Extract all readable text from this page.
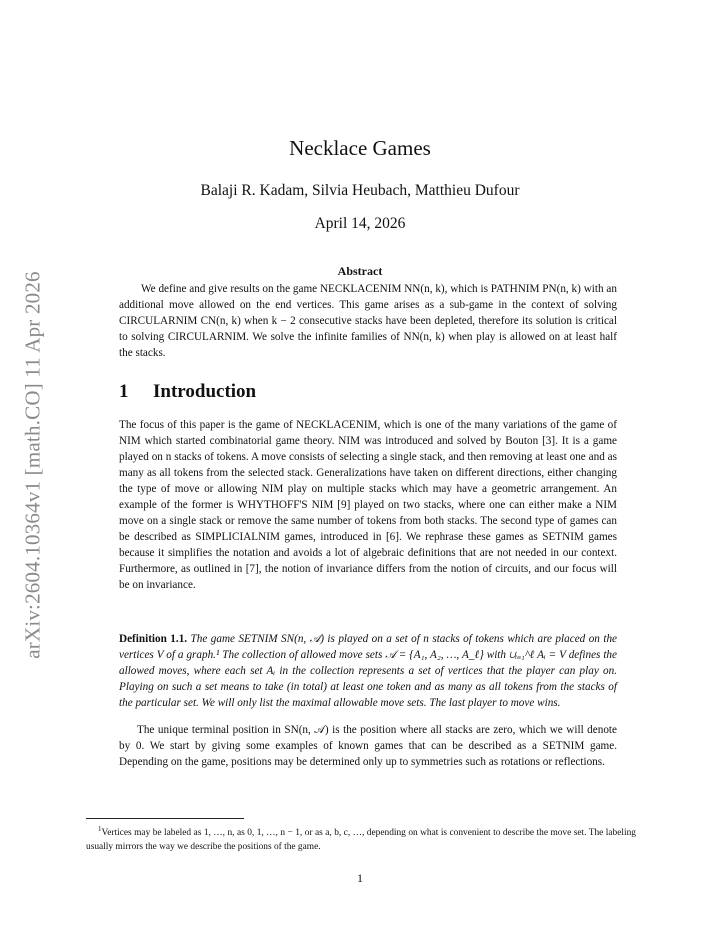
arXiv:2604.10364v1 [math.CO] 11 Apr 2026
Necklace Games
Balaji R. Kadam, Silvia Heubach, Matthieu Dufour
April 14, 2026
Abstract
We define and give results on the game NECKLACENIM NN(n, k), which is PATHNIM PN(n, k) with an additional move allowed on the end vertices. This game arises as a sub-game in the context of solving CIRCULARNIM CN(n, k) when k − 2 consecutive stacks have been depleted, therefore its solution is critical to solving CIRCULARNIM. We solve the infinite families of NN(n, k) when play is allowed on at least half the stacks.
1 Introduction
The focus of this paper is the game of NECKLACENIM, which is one of the many variations of the game of NIM which started combinatorial game theory. NIM was introduced and solved by Bouton [3]. It is a game played on n stacks of tokens. A move consists of selecting a single stack, and then removing at least one and as many as all tokens from the selected stack. Generalizations have taken on different directions, either changing the type of move or allowing NIM play on multiple stacks which may have a geometric arrangement. An example of the former is WHYTHOFF'S NIM [9] played on two stacks, where one can either make a NIM move on a single stack or remove the same number of tokens from both stacks. The second type of games can be described as SIMPLICIALNIM games, introduced in [6]. We rephrase these games as SETNIM games because it simplifies the notation and avoids a lot of algebraic definitions that are not needed in our context. Furthermore, as outlined in [7], the notion of invariance differs from the notion of circuits, and our focus will be on invariance.
Definition 1.1. The game SETNIM SN(n, 𝒜) is played on a set of n stacks of tokens which are placed on the vertices V of a graph.¹ The collection of allowed move sets 𝒜 = {A₁, A₂, …, A_ℓ} with ∪ᵢ₌₁^ℓ Aᵢ = V defines the allowed moves, where each set Aᵢ in the collection represents a set of vertices that the player can play on. Playing on such a set means to take (in total) at least one token and as many as all tokens from the stacks of the particular set. We will only list the maximal allowable move sets. The last player to move wins.
The unique terminal position in SN(n, 𝒜) is the position where all stacks are zero, which we will denote by 0. We start by giving some examples of known games that can be described as a SETNIM game. Depending on the game, positions may be determined only up to symmetries such as rotations or reflections.
$^1$Vertices may be labeled as 1, …, n, as 0, 1, …, n − 1, or as a, b, c, …, depending on what is convenient to describe the move set. The labeling usually mirrors the way we describe the positions of the game.
1
